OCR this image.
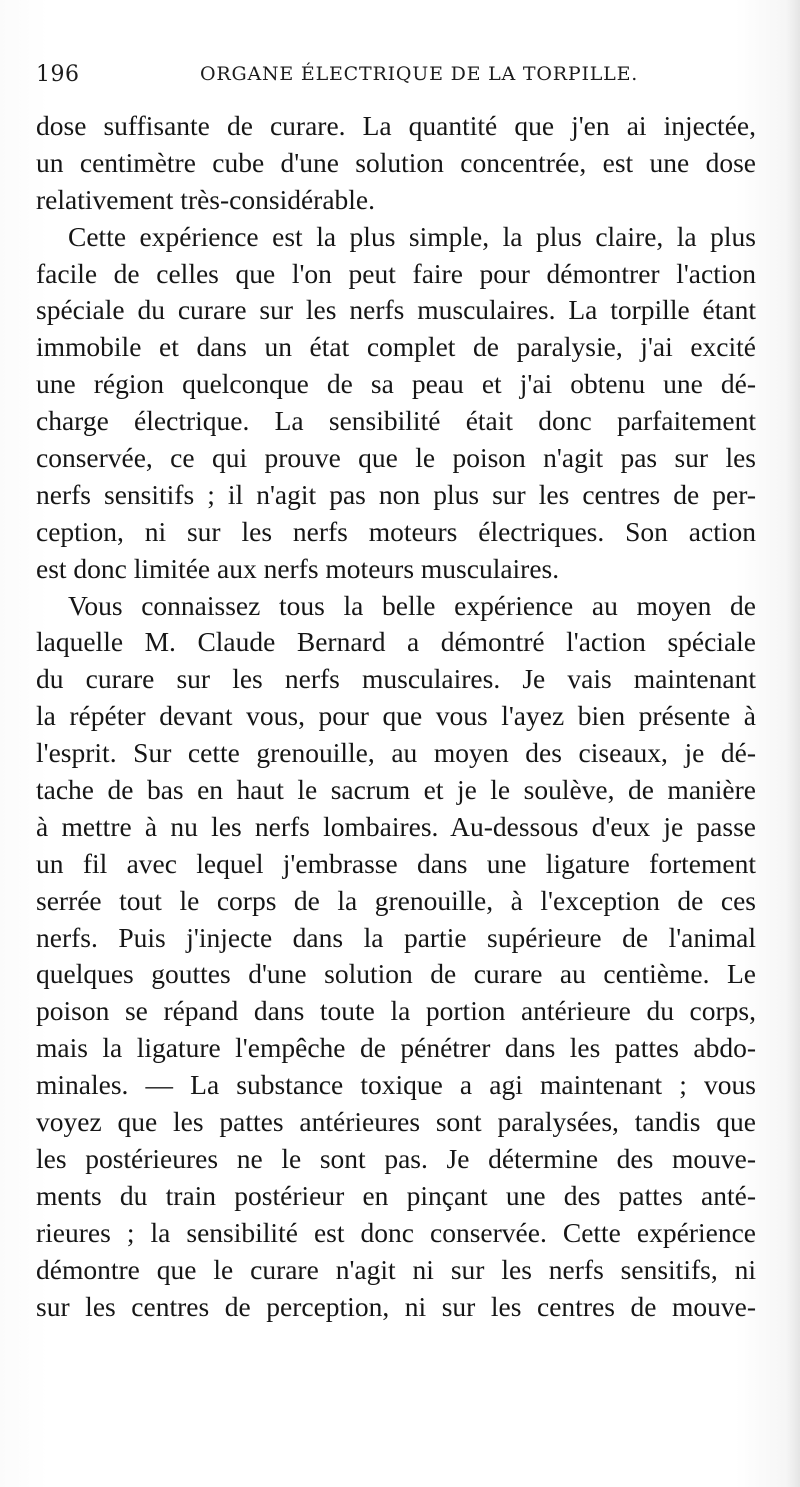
196	ORGANE ÉLECTRIQUE DE LA TORPILLE.
dose suffisante de curare. La quantité que j'en ai injectée,
un centimètre cube d'une solution concentrée, est une dose
relativement très-considérable.
Cette expérience est la plus simple, la plus claire, la plus
facile de celles que l'on peut faire pour démontrer l'action
spéciale du curare sur les nerfs musculaires. La torpille étant
immobile et dans un état complet de paralysie, j'ai excité
une région quelconque de sa peau et j'ai obtenu une dé-
charge électrique. La sensibilité était donc parfaitement
conservée, ce qui prouve que le poison n'agit pas sur les
nerfs sensitifs ; il n'agit pas non plus sur les centres de per-
ception, ni sur les nerfs moteurs électriques. Son action
est donc limitée aux nerfs moteurs musculaires.
Vous connaissez tous la belle expérience au moyen de
laquelle M. Claude Bernard a démontré l'action spéciale
du curare sur les nerfs musculaires. Je vais maintenant
la répéter devant vous, pour que vous l'ayez bien présente à
l'esprit. Sur cette grenouille, au moyen des ciseaux, je dé-
tache de bas en haut le sacrum et je le soulève, de manière
à mettre à nu les nerfs lombaires. Au-dessous d'eux je passe
un fil avec lequel j'embrasse dans une ligature fortement
serrée tout le corps de la grenouille, à l'exception de ces
nerfs. Puis j'injecte dans la partie supérieure de l'animal
quelques gouttes d'une solution de curare au centième. Le
poison se répand dans toute la portion antérieure du corps,
mais la ligature l'empêche de pénétrer dans les pattes abdo-
minales. — La substance toxique a agi maintenant ; vous
voyez que les pattes antérieures sont paralysées, tandis que
les postérieures ne le sont pas. Je détermine des mouve-
ments du train postérieur en pinçant une des pattes anté-
rieures ; la sensibilité est donc conservée. Cette expérience
démontre que le curare n'agit ni sur les nerfs sensitifs, ni
sur les centres de perception, ni sur les centres de mouve-
